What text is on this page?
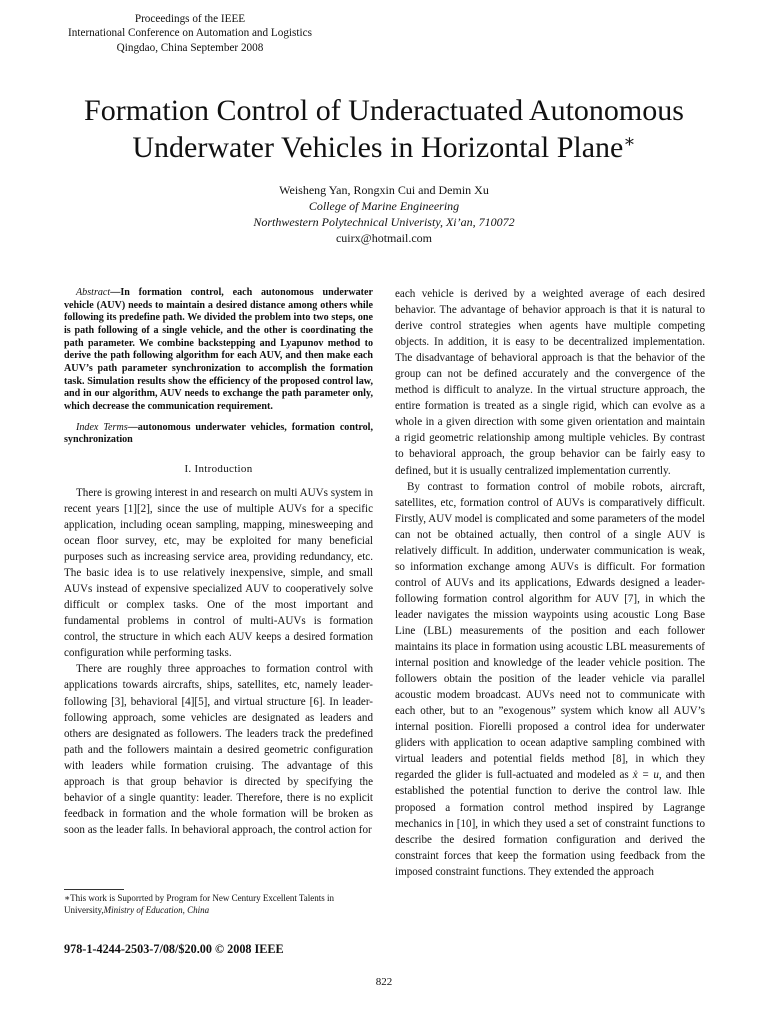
Proceedings of the IEEE
International Conference on Automation and Logistics
Qingdao, China September 2008
Formation Control of Underactuated Autonomous
Underwater Vehicles in Horizontal Plane∗
Weisheng Yan, Rongxin Cui and Demin Xu
College of Marine Engineering
Northwestern Polytechnical Univeristy, Xi’an, 710072
cuirx@hotmail.com

Abstract—In formation control, each autonomous underwater vehicle (AUV) needs to maintain a desired distance among others while following its predefine path. We divided the problem into two steps, one is path following of a single vehicle, and the other is coordinating the path parameter. We combine backstepping and Lyapunov method to derive the path following algorithm for each AUV, and then make each AUV’s path parameter synchronization to accomplish the formation task. Simulation results show the efficiency of the proposed control law, and in our algorithm, AUV needs to exchange the path parameter only, which decrease the communication requirement.

Index Terms—autonomous underwater vehicles, formation control, synchronization

I. Introduction

There is growing interest in and research on multi AUVs system in recent years [1][2], since the use of multiple AUVs for a specific application, including ocean sampling, mapping, minesweeping and ocean floor survey, etc, may be exploited for many beneficial purposes such as increasing service area, providing redundancy, etc. The basic idea is to use relatively inexpensive, simple, and small AUVs instead of expensive specialized AUV to cooperatively solve difficult or complex tasks. One of the most important and fundamental problems in control of multi-AUVs is formation control, the structure in which each AUV keeps a desired formation configuration while performing tasks.

There are roughly three approaches to formation control with applications towards aircrafts, ships, satellites, etc, namely leader-following [3], behavioral [4][5], and virtual structure [6]. In leader-following approach, some vehicles are designated as leaders and others are designated as followers. The leaders track the predefined path and the followers maintain a desired geometric configuration with leaders while formation cruising. The advantage of this approach is that group behavior is directed by specifying the behavior of a single quantity: leader. Therefore, there is no explicit feedback in formation and the whole formation will be broken as soon as the leader falls. In behavioral approach, the control action for

each vehicle is derived by a weighted average of each desired behavior. The advantage of behavior approach is that it is natural to derive control strategies when agents have multiple competing objects. In addition, it is easy to be decentralized implementation. The disadvantage of behavioral approach is that the behavior of the group can not be defined accurately and the convergence of the method is difficult to analyze. In the virtual structure approach, the entire formation is treated as a single rigid, which can evolve as a whole in a given direction with some given orientation and maintain a rigid geometric relationship among multiple vehicles. By contrast to behavioral approach, the group behavior can be fairly easy to defined, but it is usually centralized implementation currently.

By contrast to formation control of mobile robots, aircraft, satellites, etc, formation control of AUVs is comparatively difficult. Firstly, AUV model is complicated and some parameters of the model can not be obtained actually, then control of a single AUV is relatively difficult. In addition, underwater communication is weak, so information exchange among AUVs is difficult. For formation control of AUVs and its applications, Edwards designed a leader-following formation control algorithm for AUV [7], in which the leader navigates the mission waypoints using acoustic Long Base Line (LBL) measurements of the position and each follower maintains its place in formation using acoustic LBL measurements of internal position and knowledge of the leader vehicle position. The followers obtain the position of the leader vehicle via parallel acoustic modem broadcast. AUVs need not to communicate with each other, but to an ”exogenous” system which know all AUV’s internal position. Fiorelli proposed a control idea for underwater gliders with application to ocean adaptive sampling combined with virtual leaders and potential fields method [8], in which they regarded the glider is full-actuated and modeled as ẋ = u, and then established the potential function to derive the control law. Ihle proposed a formation control method inspired by Lagrange mechanics in [10], in which they used a set of constraint functions to describe the desired formation configuration and derived the constraint forces that keep the formation using feedback from the imposed constraint functions. They extended the approach

∗This work is Suporrted by Program for New Century Excellent Talents in University,Ministry of Education, China
978-1-4244-2503-7/08/$20.00 © 2008 IEEE
822
